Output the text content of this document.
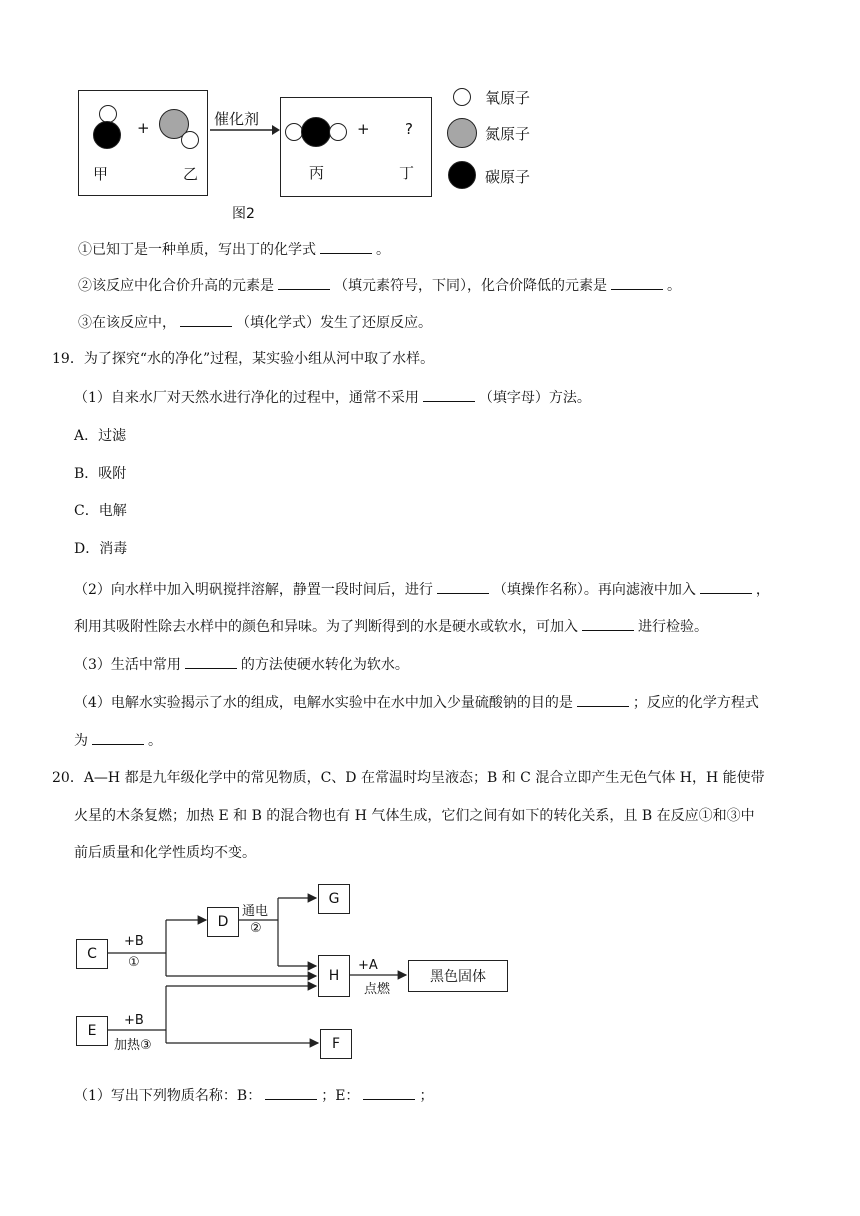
+
甲	乙
催化剂
+ ?
丙	丁
氧原子
氮原子
碳原子
图2
①已知丁是一种单质，写出丁的化学式	。
②该反应中化合价升高的元素是	（填元素符号，下同），化合价降低的元素是	。
③在该反应中，	（填化学式）发生了还原反应。
19．为了探究“水的净化”过程，某实验小组从河中取了水样。
（1）自来水厂对天然水进行净化的过程中，通常不采用	（填字母）方法。
A．过滤
B．吸附
C．电解
D．消毒
（2）向水样中加入明矾搅拌溶解，静置一段时间后，进行	（填操作名称）。再向滤液中加入	，
利用其吸附性除去水样中的颜色和异味。为了判断得到的水是硬水或软水，可加入	进行检验。
（3）生活中常用	的方法使硬水转化为软水。
（4）电解水实验揭示了水的组成，电解水实验中在水中加入少量硫酸钠的目的是	；反应的化学方程式
为	。
20．A—H 都是九年级化学中的常见物质，C、D 在常温时均呈液态；B 和 C 混合立即产生无色气体 H，H 能使带
火星的木条复燃；加热 E 和 B 的混合物也有 H 气体生成，它们之间有如下的转化关系，且 B 在反应①和③中
前后质量和化学性质均不变。
C
D
G
H	黑色固体
E
F
+B
①
通电
②
+A
点燃
+B
加热③
（1）写出下列物质名称：B：	；E：	；
